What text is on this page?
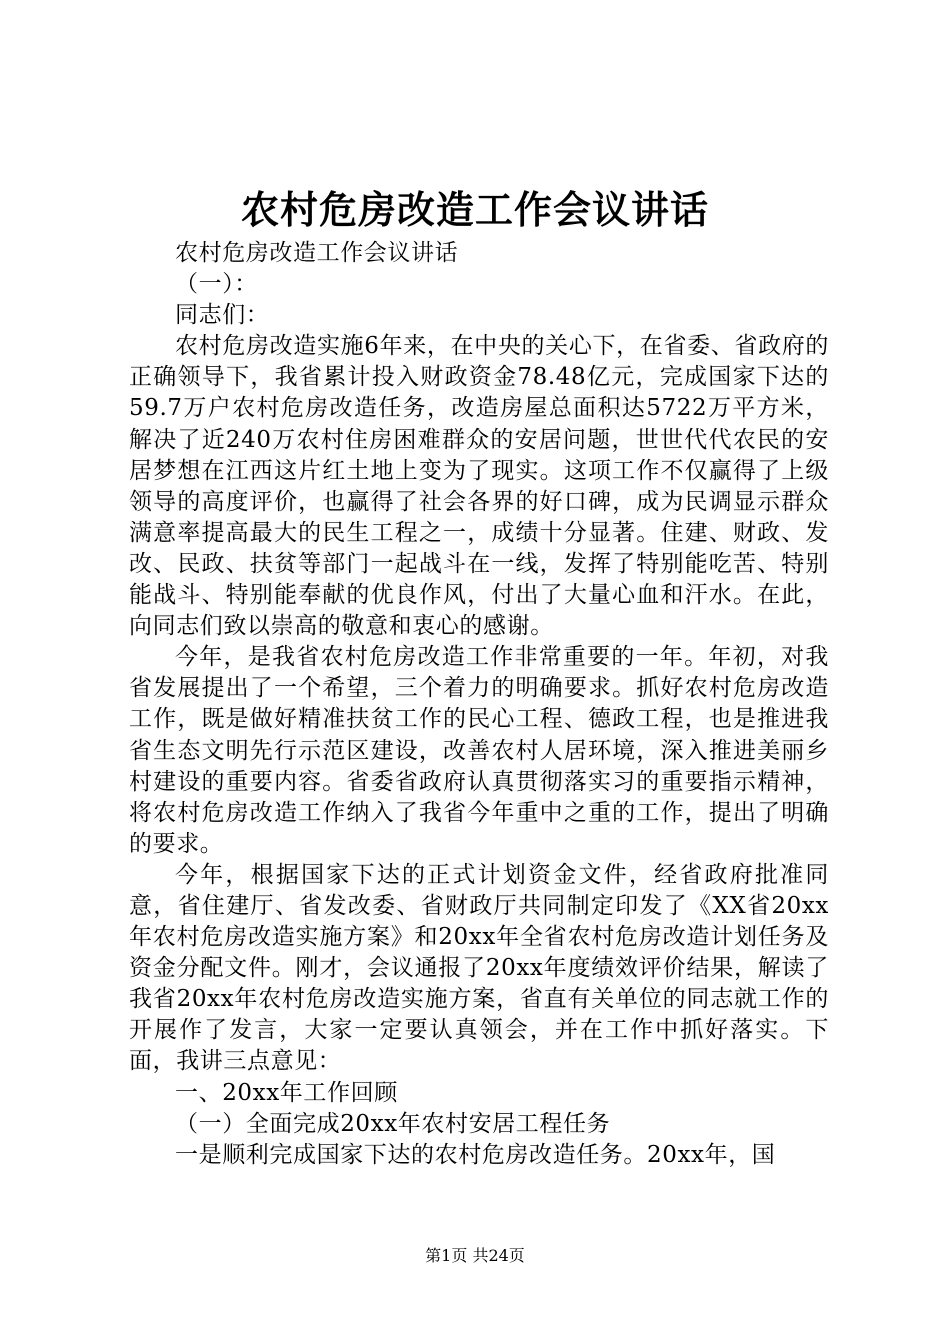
农村危房改造工作会议讲话

农村危房改造工作会议讲话

（一）：

同志们：

农村危房改造实施6年来，在中央的关心下，在省委、省政府的正确领导下，我省累计投入财政资金78.48亿元，完成国家下达的59.7万户农村危房改造任务，改造房屋总面积达5722万平方米，解决了近240万农村住房困难群众的安居问题，世世代代农民的安居梦想在江西这片红土地上变为了现实。这项工作不仅赢得了上级领导的高度评价，也赢得了社会各界的好口碑，成为民调显示群众满意率提高最大的民生工程之一，成绩十分显著。住建、财政、发改、民政、扶贫等部门一起战斗在一线，发挥了特别能吃苦、特别能战斗、特别能奉献的优良作风，付出了大量心血和汗水。在此，向同志们致以崇高的敬意和衷心的感谢。

今年，是我省农村危房改造工作非常重要的一年。年初，对我省发展提出了一个希望，三个着力的明确要求。抓好农村危房改造工作，既是做好精准扶贫工作的民心工程、德政工程，也是推进我省生态文明先行示范区建设，改善农村人居环境，深入推进美丽乡村建设的重要内容。省委省政府认真贯彻落实习的重要指示精神，将农村危房改造工作纳入了我省今年重中之重的工作，提出了明确的要求。

今年，根据国家下达的正式计划资金文件，经省政府批准同意，省住建厅、省发改委、省财政厅共同制定印发了《XX省20xx年农村危房改造实施方案》和20xx年全省农村危房改造计划任务及资金分配文件。刚才，会议通报了20xx年度绩效评价结果，解读了我省20xx年农村危房改造实施方案，省直有关单位的同志就工作的开展作了发言，大家一定要认真领会，并在工作中抓好落实。下面，我讲三点意见：

一、20xx年工作回顾

（一）全面完成20xx年农村安居工程任务

一是顺利完成国家下达的农村危房改造任务。20xx年，国

第1页 共24页
